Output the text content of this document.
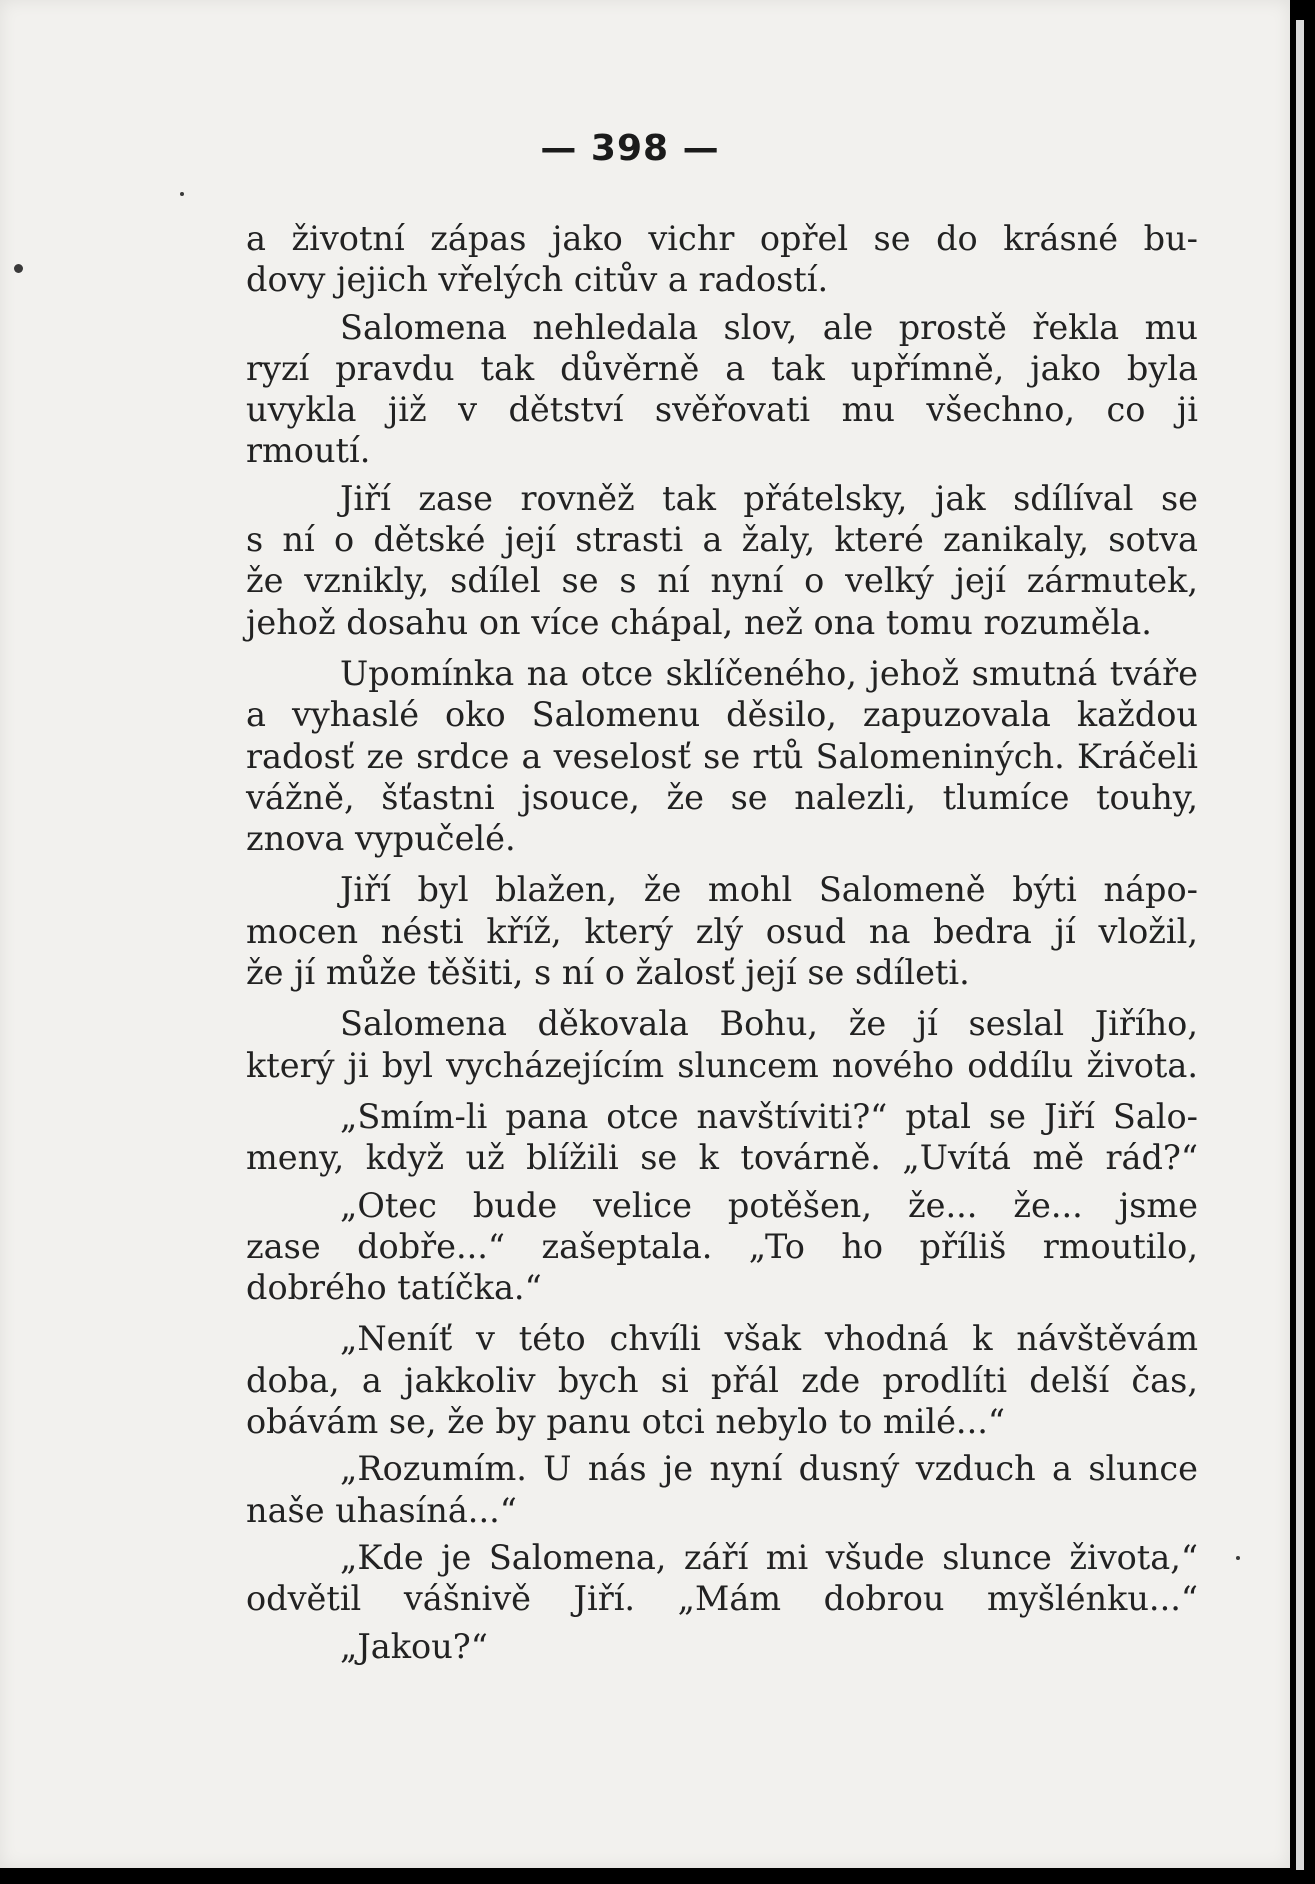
— 398 —

a životní zápas jako vichr opřel se do krásné bu-

dovy jejich vřelých citův a radostí.

Salomena nehledala slov, ale prostě řekla mu

ryzí pravdu tak důvěrně a tak upřímně, jako byla

uvykla již v dětství svěřovati mu všechno, co ji

rmoutí.

Jiří zase rovněž tak přátelsky, jak sdílíval se

s ní o dětské její strasti a žaly, které zanikaly, sotva

že vznikly, sdílel se s ní nyní o velký její zármutek,

jehož dosahu on více chápal, než ona tomu rozuměla.

Upomínka na otce sklíčeného, jehož smutná tváře

a vyhaslé oko Salomenu děsilo, zapuzovala každou

radosť ze srdce a veselosť se rtů Salomeniných. Kráčeli

vážně, šťastni jsouce, že se nalezli, tlumíce touhy,

znova vypučelé.

Jiří byl blažen, že mohl Salomeně býti nápo-

mocen nésti kříž, který zlý osud na bedra jí vložil,

že jí může těšiti, s ní o žalosť její se sdíleti.

Salomena děkovala Bohu, že jí seslal Jiřího,

který ji byl vycházejícím sluncem nového oddílu života.

„Smím-li pana otce navštíviti?“ ptal se Jiří Salo-

meny, když už blížili se k továrně. „Uvítá mě rád?“

„Otec bude velice potěšen, že... že... jsme

zase dobře...“ zašeptala. „To ho příliš rmoutilo,

dobrého tatíčka.“

„Neníť v této chvíli však vhodná k návštěvám

doba, a jakkoliv bych si přál zde prodlíti delší čas,

obávám se, že by panu otci nebylo to milé...“

„Rozumím. U nás je nyní dusný vzduch a slunce

naše uhasíná...“

„Kde je Salomena, září mi všude slunce života,“

odvětil vášnivě Jiří. „Mám dobrou myšlénku...“

„Jakou?“
